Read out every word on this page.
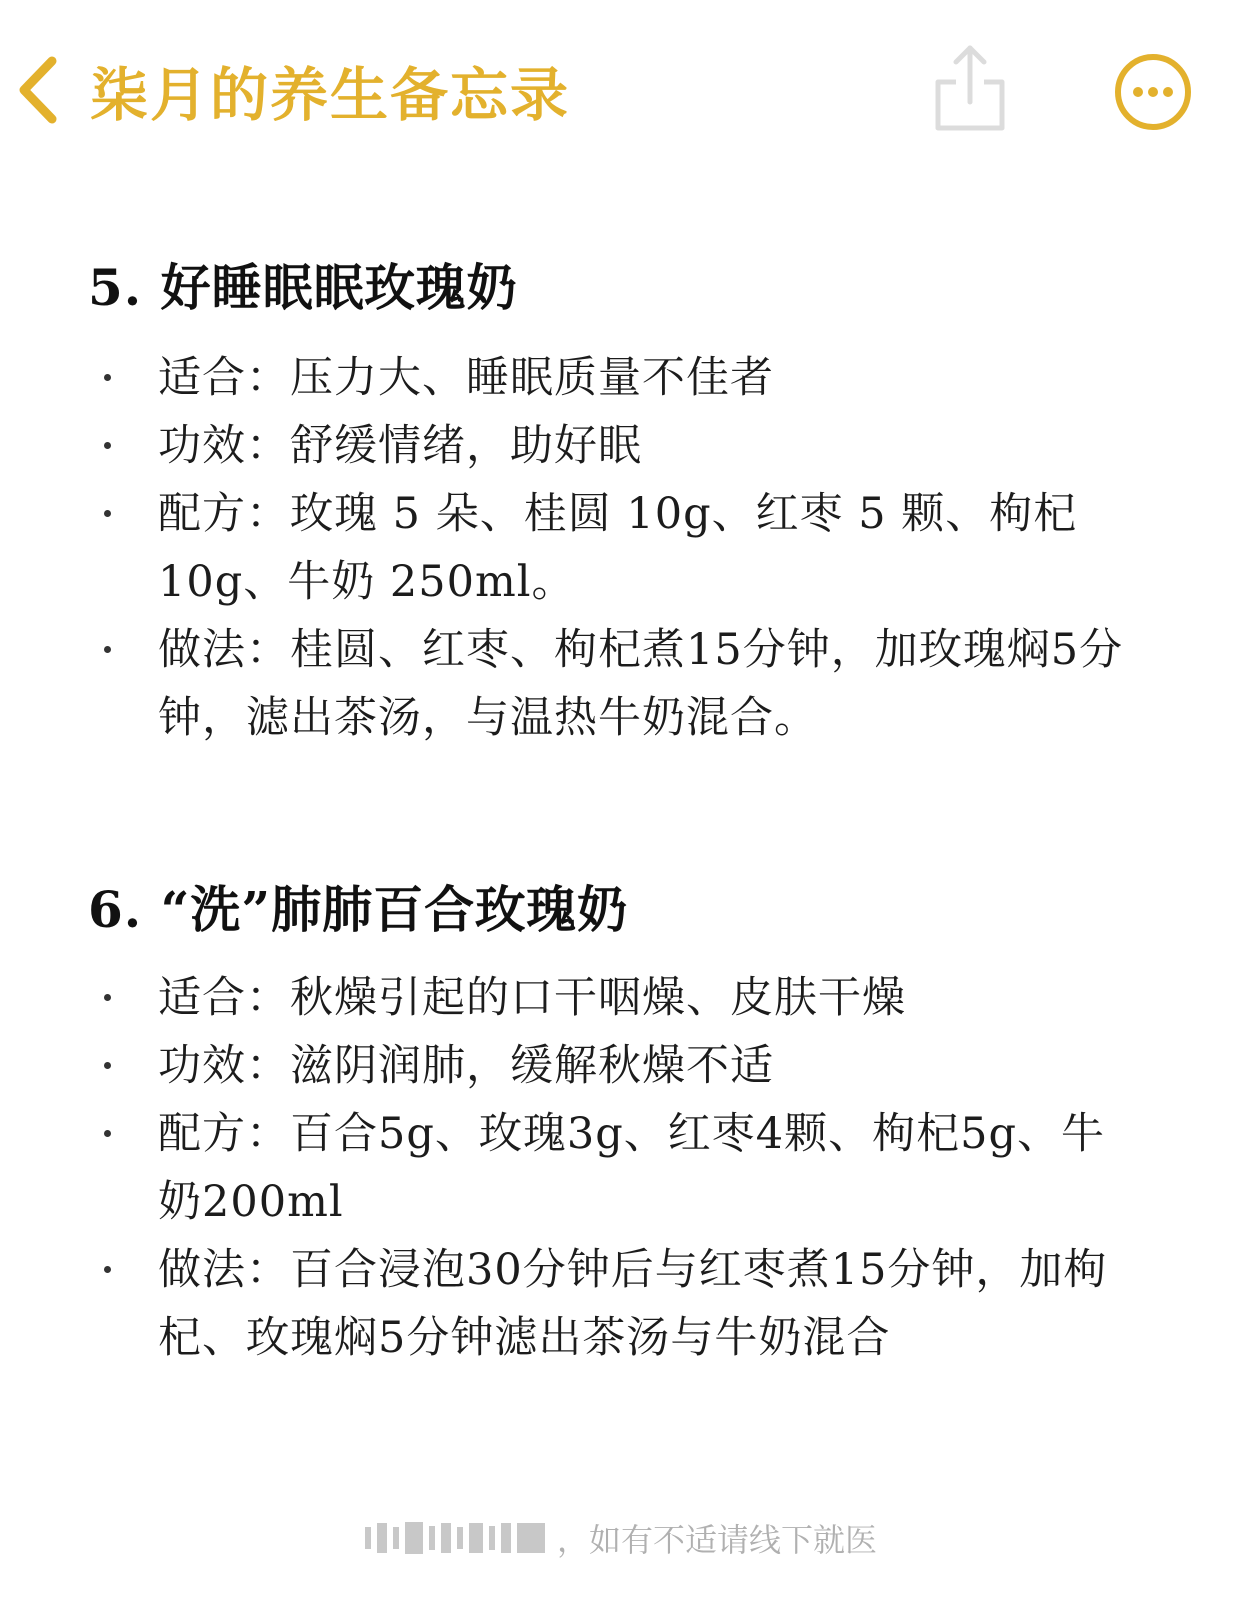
柒月的养生备忘录
5. 好睡眠眠玫瑰奶
适合：压力大、睡眠质量不佳者
功效：舒缓情绪，助好眠
配方：玫瑰 5 朵、桂圆 10g、红枣 5 颗、枸杞 10g、牛奶 250ml。
做法：桂圆、红枣、枸杞煮15分钟，加玫瑰焖5分钟，滤出茶汤，与温热牛奶混合。
6. “洗”肺肺百合玫瑰奶
适合：秋燥引起的口干咽燥、皮肤干燥
功效：滋阴润肺，缓解秋燥不适
配方：百合5g、玫瑰3g、红枣4颗、枸杞5g、牛奶200ml
做法：百合浸泡30分钟后与红枣煮15分钟，加枸杞、玫瑰焖5分钟滤出茶汤与牛奶混合
，如有不适请线下就医
